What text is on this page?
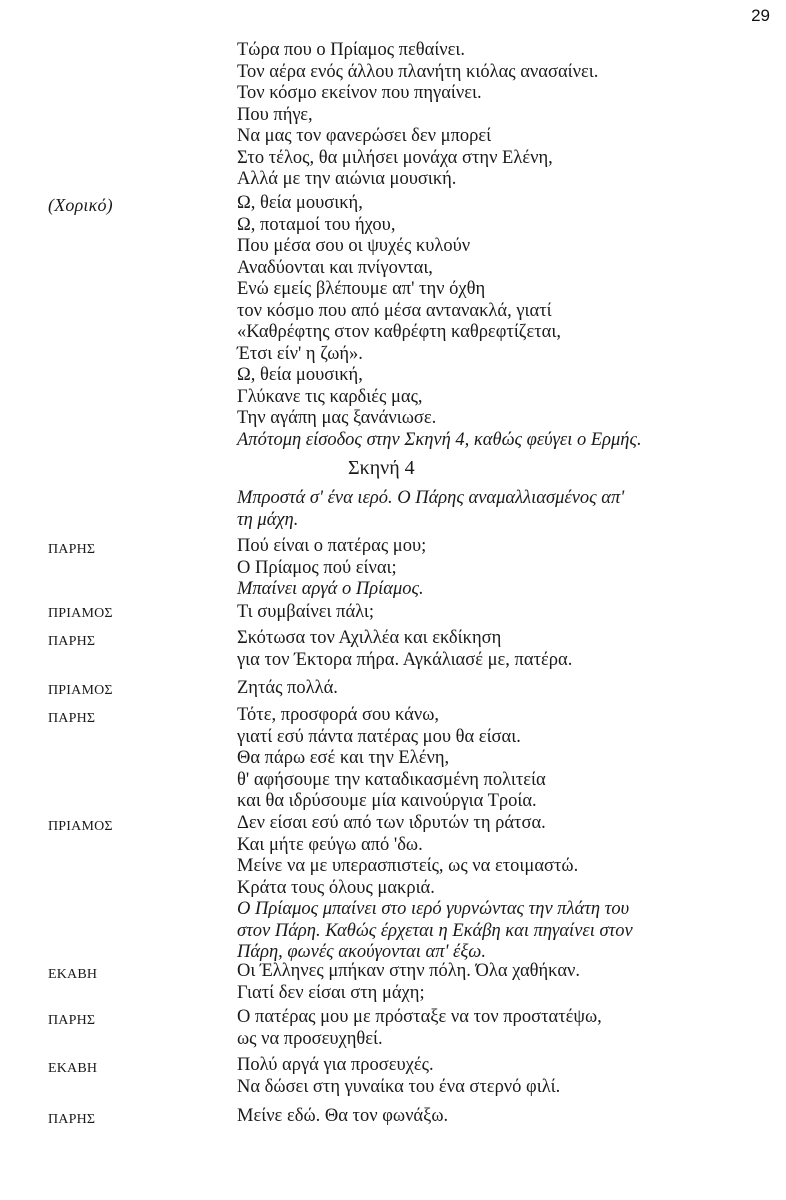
29
Σκηνή 4
Τώρα που ο Πρίαμος πεθαίνει.
Τον αέρα ενός άλλου πλανήτη κιόλας ανασαίνει.
Τον κόσμο εκείνον που πηγαίνει.
Που πήγε,
Να μας τον φανερώσει δεν μπορεί
Στο τέλος, θα μιλήσει μονάχα στην Ελένη,
Αλλά με την αιώνια μουσική.
(Χορικό)	Ω, θεία μουσική,
Ω, ποταμοί του ήχου,
Που μέσα σου οι ψυχές κυλούν
Αναδύονται και πνίγονται,
Ενώ εμείς βλέπουμε απ' την όχθη
τον κόσμο που από μέσα αντανακλά, γιατί
«Καθρέφτης στον καθρέφτη καθρεφτίζεται,
Έτσι είν' η ζωή».
Ω, θεία μουσική,
Γλύκανε τις καρδιές μας,
Την αγάπη μας ξανάνιωσε.
Απότομη είσοδος στην Σκηνή 4, καθώς φεύγει ο Ερμής.
Μπροστά σ' ένα ιερό. Ο Πάρης αναμαλλιασμένος απ'
τη μάχη.
ΠΑΡΗΣ	Πού είναι ο πατέρας μου;
Ο Πρίαμος πού είναι;
Μπαίνει αργά ο Πρίαμος.
ΠΡΙΑΜΟΣ	Τι συμβαίνει πάλι;
ΠΑΡΗΣ	Σκότωσα τον Αχιλλέα και εκδίκηση
για τον Έκτορα πήρα. Αγκάλιασέ με, πατέρα.
ΠΡΙΑΜΟΣ	Ζητάς πολλά.
ΠΑΡΗΣ	Τότε, προσφορά σου κάνω,
γιατί εσύ πάντα πατέρας μου θα είσαι.
Θα πάρω εσέ και την Ελένη,
θ' αφήσουμε την καταδικασμένη πολιτεία
και θα ιδρύσουμε μία καινούργια Τροία.
ΠΡΙΑΜΟΣ	Δεν είσαι εσύ από των ιδρυτών τη ράτσα.
Και μήτε φεύγω από 'δω.
Μείνε να με υπερασπιστείς, ως να ετοιμαστώ.
Κράτα τους όλους μακριά.
Ο Πρίαμος μπαίνει στο ιερό γυρνώντας την πλάτη του
στον Πάρη. Καθώς έρχεται η Εκάβη και πηγαίνει στον
Πάρη, φωνές ακούγονται απ' έξω.
ΕΚΑΒΗ	Οι Έλληνες μπήκαν στην πόλη. Όλα χαθήκαν.
Γιατί δεν είσαι στη μάχη;
ΠΑΡΗΣ	Ο πατέρας μου με πρόσταξε να τον προστατέψω,
ως να προσευχηθεί.
ΕΚΑΒΗ	Πολύ αργά για προσευχές.
Να δώσει στη γυναίκα του ένα στερνό φιλί.
ΠΑΡΗΣ	Μείνε εδώ. Θα τον φωνάξω.
